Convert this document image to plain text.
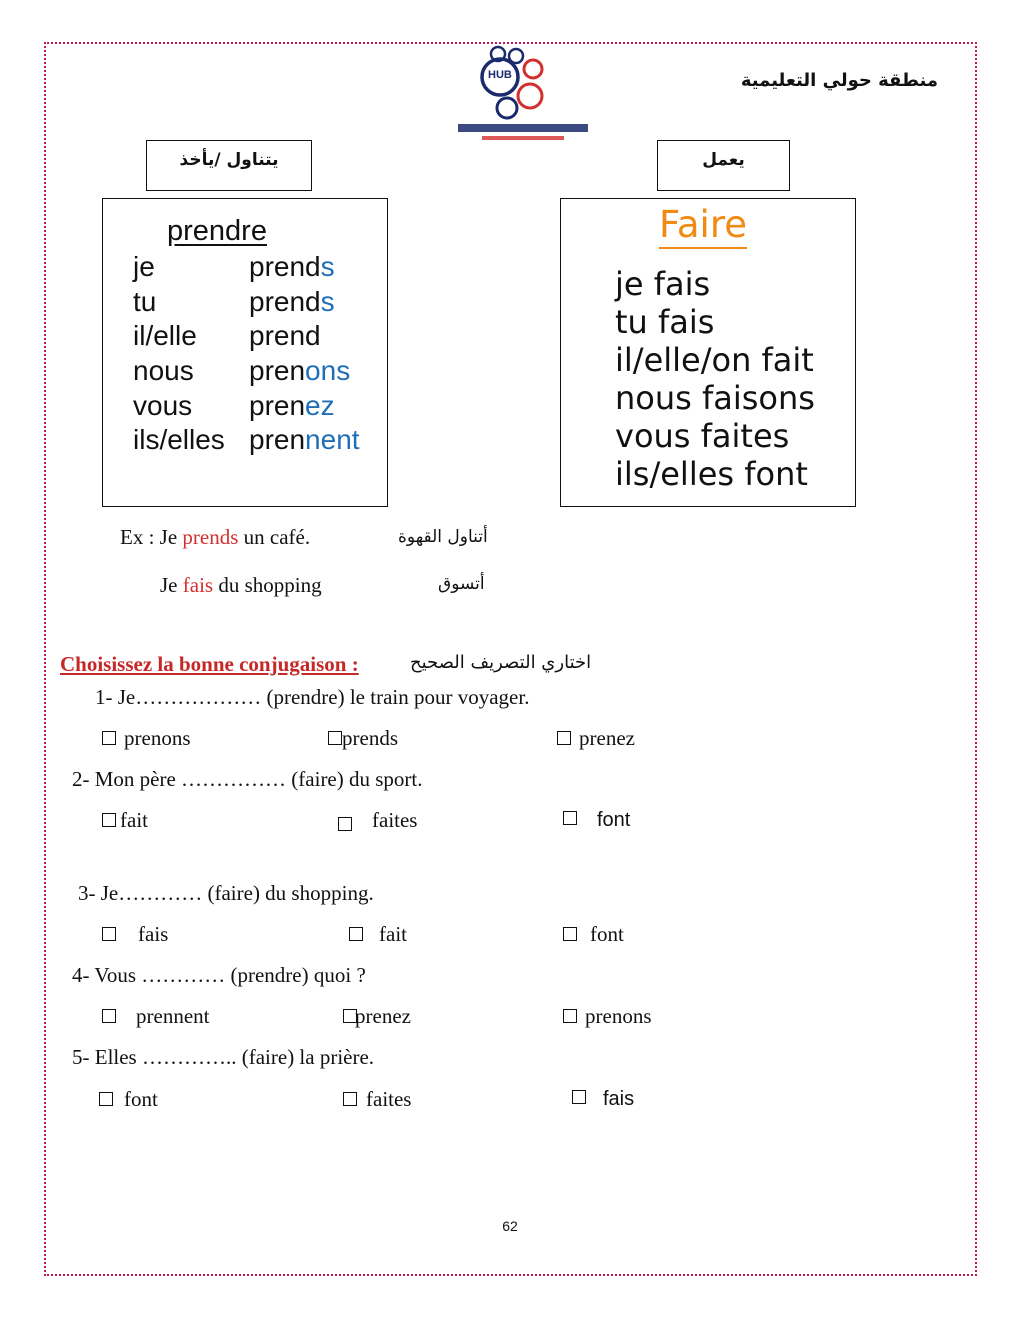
HUB	منطقة حولي التعليمية
يتناول /يأخذ	يعمل
prendre
je	prends
tu	prends
il/elle prend
nous prenons
vous prenez
ils/elles prennent
Faire
je fais
tu fais
il/elle/on fait
nous faisons
vous faites
ils/elles font
Ex : Je prends un café.	أتناول القهوة
Je fais du shopping	أتسوق
Choisissez la bonne conjugaison :	اختاري التصريف الصحيح
1- Je……………… (prendre) le train pour voyager.
prenons	prends	prenez
2- Mon père …………… (faire) du sport.
fait	faites	font
3- Je………… (faire) du shopping.
fais	fait	font
4- Vous ………… (prendre) quoi ?
prennent	prenez	prenons
5- Elles ………….. (faire) la prière.
font	faites	fais
62
